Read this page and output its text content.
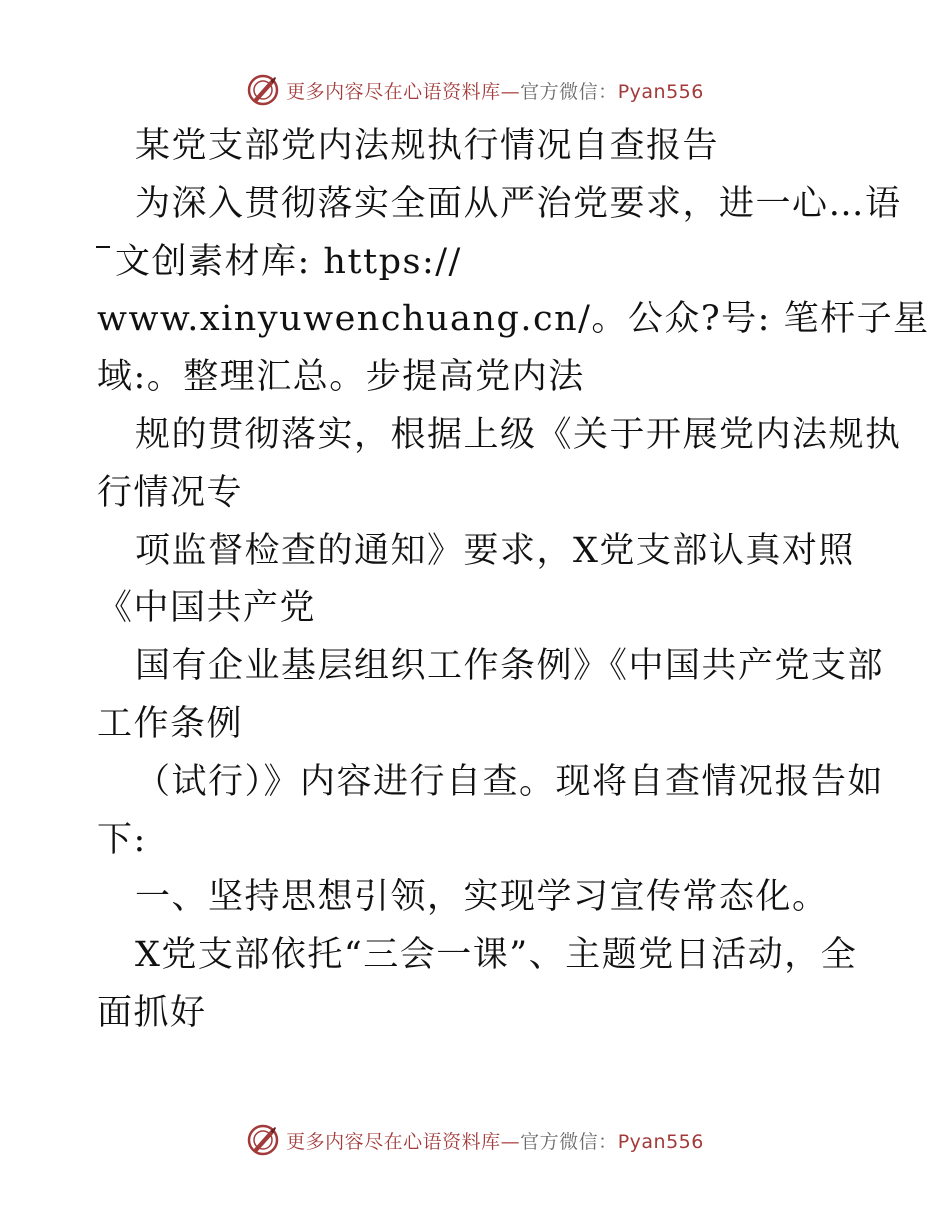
更多内容尽在心语资料库—官方微信：Pyan556
某党支部党内法规执行情况自查报告
为深入贯彻落实全面从严治党要求，进一心…语
文创素材库: https://
www.xinyuwenchuang.cn/。公众?号: 笔杆子星
域:。整理汇总。步提高党内法
规的贯彻落实，根据上级《关于开展党内法规执
行情况专
项监督检查的通知》要求，X党支部认真对照
《中国共产党
国有企业基层组织工作条例》《中国共产党支部
工作条例
（试行）》内容进行自查。现将自查情况报告如
下:
一、坚持思想引领，实现学习宣传常态化。
X党支部依托“三会一课”、主题党日活动，全
面抓好
更多内容尽在心语资料库—官方微信：Pyan556
